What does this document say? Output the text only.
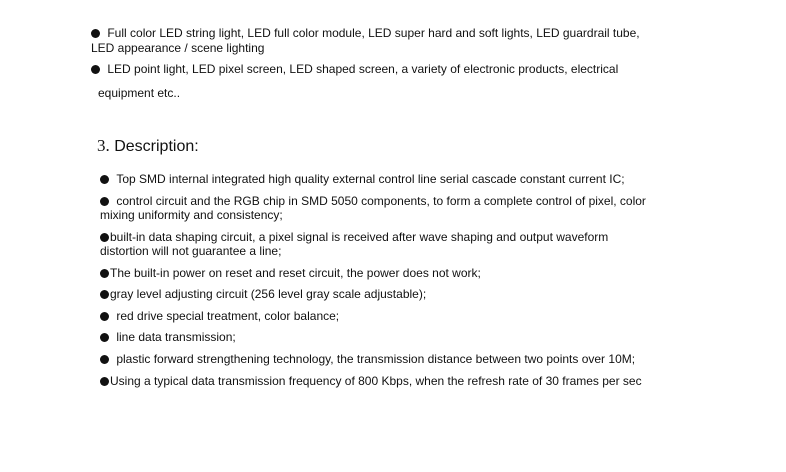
Full color LED string light, LED full color module, LED super hard and soft lights, LED guardrail tube,
LED appearance / scene lighting
LED point light, LED pixel screen, LED shaped screen, a variety of electronic products, electrical
equipment etc..
3. Description:
Top SMD internal integrated high quality external control line serial cascade constant current IC;
control circuit and the RGB chip in SMD 5050 components, to form a complete control of pixel, color
mixing uniformity and consistency;
built-in data shaping circuit, a pixel signal is received after wave shaping and output waveform
distortion will not guarantee a line;
The built-in power on reset and reset circuit, the power does not work;
gray level adjusting circuit (256 level gray scale adjustable);
red drive special treatment, color balance;
line data transmission;
plastic forward strengthening technology, the transmission distance between two points over 10M;
Using a typical data transmission frequency of 800 Kbps, when the refresh rate of 30 frames per sec
